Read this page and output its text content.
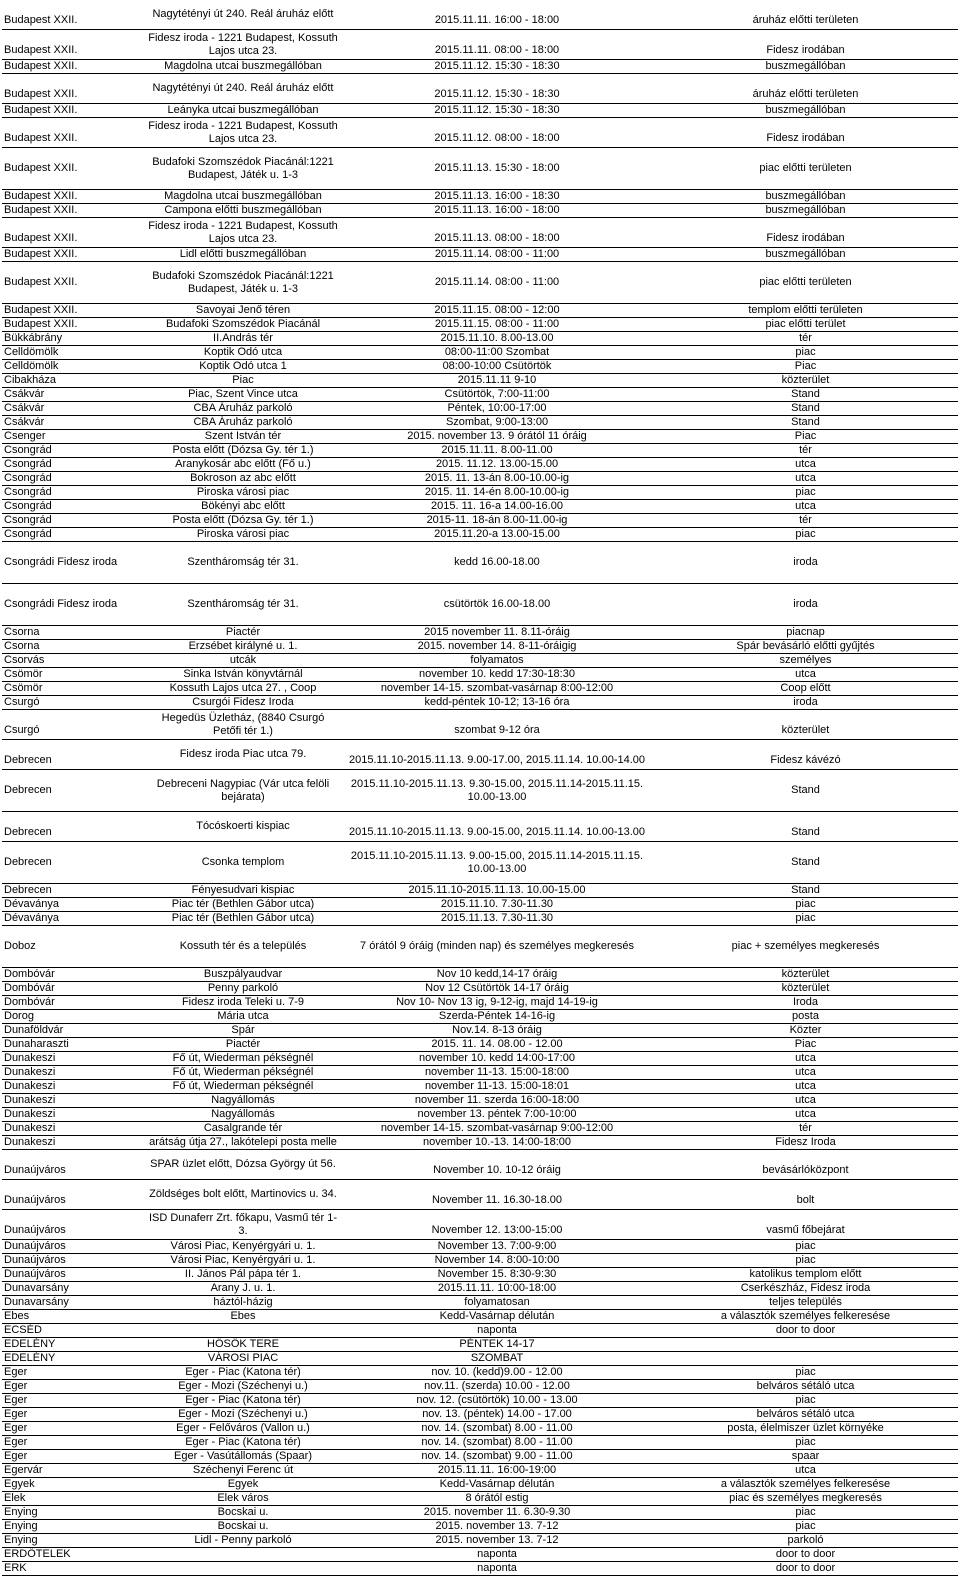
Budapest XXII.	Nagytétényi út 240. Reál áruház előtt	2015.11.11. 16:00 - 18:00	áruház előtti területen
Budapest XXII.	Fidesz iroda - 1221 Budapest, Kossuth Lajos utca 23.	2015.11.11. 08:00 - 18:00	Fidesz irodában
Budapest XXII.	Magdolna utcai buszmegállóban	2015.11.12. 15:30 - 18:30	buszmegállóban
Budapest XXII.	Nagytétényi út 240. Reál áruház előtt	2015.11.12. 15:30 - 18:30	áruház előtti területen
Budapest XXII.	Leányka utcai buszmegállóban	2015.11.12. 15:30 - 18:30	buszmegállóban
Budapest XXII.	Fidesz iroda - 1221 Budapest, Kossuth Lajos utca 23.	2015.11.12. 08:00 - 18:00	Fidesz irodában
Budapest XXII.	Budafoki Szomszédok Piacánál:1221 Budapest, Játék u. 1-3	2015.11.13. 15:30 - 18:00	piac előtti területen
Budapest XXII.	Magdolna utcai buszmegállóban	2015.11.13. 16:00 - 18:30	buszmegállóban
Budapest XXII.	Campona előtti buszmegállóban	2015.11.13. 16:00 - 18:00	buszmegállóban
Budapest XXII.	Fidesz iroda - 1221 Budapest, Kossuth Lajos utca 23.	2015.11.13. 08:00 - 18:00	Fidesz irodában
Budapest XXII.	Lidl előtti buszmegállóban	2015.11.14. 08:00 - 11:00	buszmegállóban
Budapest XXII.	Budafoki Szomszédok Piacánál:1221 Budapest, Játék u. 1-3	2015.11.14. 08:00 - 11:00	piac előtti területen
Budapest XXII.	Savoyai Jenő téren	2015.11.15. 08:00 - 12:00	templom előtti területen
Budapest XXII.	Budafoki Szomszédok Piacánál	2015.11.15. 08:00 - 11:00	piac előtti terület
Bükkábrány	II.András tér	2015.11.10. 8.00-13.00	tér
Celldömölk	Koptik Odó utca	08:00-11:00 Szombat	piac
Celldömölk	Koptik Odó utca 1	08:00-10:00 Csütörtök	Piac
Cibakháza	Piac	2015.11.11 9-10	közterület
Csákvár	Piac, Szent Vince utca	Csütörtök, 7:00-11:00	Stand
Csákvár	CBA Áruház parkoló	Péntek, 10:00-17:00	Stand
Csákvár	CBA Áruház parkoló	Szombat, 9:00-13:00	Stand
Csenger	Szent István tér	2015. november 13. 9 órától 11 óráig	Piac
Csongrád	Posta előtt (Dózsa Gy. tér 1.)	2015.11.11. 8.00-11.00	tér
Csongrád	Aranykosár abc előtt (Fő u.)	2015. 11.12. 13.00-15.00	utca
Csongrád	Bokroson az abc előtt	2015. 11. 13-án 8.00-10.00-ig	utca
Csongrád	Piroska városi piac	2015. 11. 14-én 8.00-10.00-ig	piac
Csongrád	Bökényi abc előtt	2015. 11. 16-a 14.00-16.00	utca
Csongrád	Posta előtt (Dózsa Gy. tér 1.)	2015-11. 18-án 8.00-11.00-ig	tér
Csongrád	Piroska városi piac	2015.11.20-a 13.00-15.00	piac
Csongrádi Fidesz iroda	Szentháromság tér 31.	kedd 16.00-18.00	iroda
Csongrádi Fidesz iroda	Szentháromság tér 31.	csütörtök 16.00-18.00	iroda
Csorna	Piactér	2015 november 11. 8.11-óráig	piacnap
Csorna	Erzsébet királyné u. 1.	2015. november 14. 8-11-óráigig	Spár bevásárló előtti gyűjtés
Csorvás	utcák	folyamatos	személyes
Csömör	Sinka István könyvtárnál	november 10. kedd 17:30-18:30	utca
Csömör	Kossuth Lajos utca 27. , Coop	november 14-15. szombat-vasárnap 8:00-12:00	Coop előtt
Csurgó	Csurgói Fidesz Iroda	kedd-péntek 10-12; 13-16 óra	iroda
Csurgó	Hegedüs Üzletház, (8840 Csurgó Petőfi tér 1.)	szombat 9-12 óra	közterület
Debrecen	Fidesz iroda Piac utca 79.	2015.11.10-2015.11.13. 9.00-17.00, 2015.11.14. 10.00-14.00	Fidesz kávézó
Debrecen	Debreceni Nagypiac (Vár utca felöli bejárata)	2015.11.10-2015.11.13. 9.30-15.00, 2015.11.14-2015.11.15. 10.00-13.00	Stand
Debrecen	Tócóskoerti kispiac	2015.11.10-2015.11.13. 9.00-15.00, 2015.11.14. 10.00-13.00	Stand
Debrecen	Csonka templom	2015.11.10-2015.11.13. 9.00-15.00, 2015.11.14-2015.11.15. 10.00-13.00	Stand
Debrecen	Fényesudvari kispiac	2015.11.10-2015.11.13. 10.00-15.00	Stand
Dévaványa	Piac tér (Bethlen Gábor utca)	2015.11.10. 7.30-11.30	piac
Dévaványa	Piac tér (Bethlen Gábor utca)	2015.11.13. 7.30-11.30	piac
Doboz	Kossuth tér és a település	7 órától 9 óráig (minden nap) és személyes megkeresés	piac + személyes megkeresés
Dombóvár	Buszpályaudvar	Nov 10 kedd,14-17 óráig	közterület
Dombóvár	Penny parkoló	Nov 12 Csütörtök 14-17 óráig	közterület
Dombóvár	Fidesz iroda Teleki u. 7-9	Nov 10- Nov 13 ig, 9-12-ig, majd 14-19-ig	Iroda
Dorog	Mária utca	Szerda-Péntek 14-16-ig	posta
Dunaföldvár	Spár	Nov.14. 8-13 óráig	Közter
Dunaharaszti	Piactér	2015. 11. 14. 08.00 - 12.00	Piac
Dunakeszi	Fő út, Wiederman pékségnél	november 10. kedd 14:00-17:00	utca
Dunakeszi	Fő út, Wiederman pékségnél	november 11-13. 15:00-18:00	utca
Dunakeszi	Fő út, Wiederman pékségnél	november 11-13. 15:00-18:01	utca
Dunakeszi	Nagyállomás	november 11. szerda 16:00-18:00	utca
Dunakeszi	Nagyállomás	november 13. péntek 7:00-10:00	utca
Dunakeszi	Casalgrande tér	november 14-15. szombat-vasárnap 9:00-12:00	tér
Dunakeszi	arátság útja 27., lakótelepi posta melle	november 10.-13. 14:00-18:00	Fidesz Iroda
Dunaújváros	SPAR üzlet előtt, Dózsa György út 56.	November 10. 10-12 óráig	bevásárlóközpont
Dunaújváros	Zöldséges bolt előtt, Martinovics u. 34.	November 11. 16.30-18.00	bolt
Dunaújváros	ISD Dunaferr Zrt. főkapu, Vasmű tér 1-3.	November 12. 13:00-15:00	vasmű főbejárat
Dunaújváros	Városi Piac, Kenyérgyári u. 1.	November 13. 7:00-9:00	piac
Dunaújváros	Városi Piac, Kenyérgyári u. 1.	November 14. 8:00-10:00	piac
Dunaújváros	II. János Pál pápa tér 1.	November 15. 8:30-9:30	katolikus templom előtt
Dunavarsány	Arany J. u. 1.	2015.11.11. 10:00-18:00	Cserkészház, Fidesz iroda
Dunavarsány	háztól-házig	folyamatosan	teljes település
Ebes	Ebes	Kedd-Vasárnap délután	a választók személyes felkeresése
ECSÉD		naponta	door to door
EDELÉNY	HŐSÖK TERE	PÉNTEK 14-17	
EDELÉNY	VÁROSI PIAC	SZOMBAT	
Eger	Eger - Piac (Katona tér)	nov. 10. (kedd)9.00 - 12.00	piac
Eger	Eger - Mozi (Széchenyi u.)	nov.11. (szerda) 10.00 - 12.00	belváros sétáló utca
Eger	Eger - Piac (Katona tér)	nov. 12. (csütörtök) 10.00 - 13.00	piac
Eger	Eger - Mozi (Széchenyi u.)	nov. 13. (péntek) 14.00 - 17.00	belváros sétáló utca
Eger	Eger - Felőváros (Vallon u.)	nov. 14. (szombat) 8.00 - 11.00	posta, élelmiszer üzlet környéke
Eger	Eger - Piac (Katona tér)	nov. 14. (szombat) 8.00 - 11.00	piac
Eger	Eger - Vasútállomás (Spaar)	nov. 14. (szombat) 9.00 - 11.00	spaar
Egervár	Széchenyi Ferenc út	2015.11.11. 16:00-19:00	utca
Egyek	Egyek	Kedd-Vasárnap délután	a választók személyes felkeresése
Elek	Elek város	8 órától estig	piac és személyes megkeresés
Enying	Bocskai u.	2015. november 11. 6.30-9.30	piac
Enying	Bocskai u.	2015. november 13. 7-12	piac
Enying	Lidl - Penny parkoló	2015. november 13. 7-12	parkoló
ERDŐTELEK		naponta	door to door
ERK		naponta	door to door
